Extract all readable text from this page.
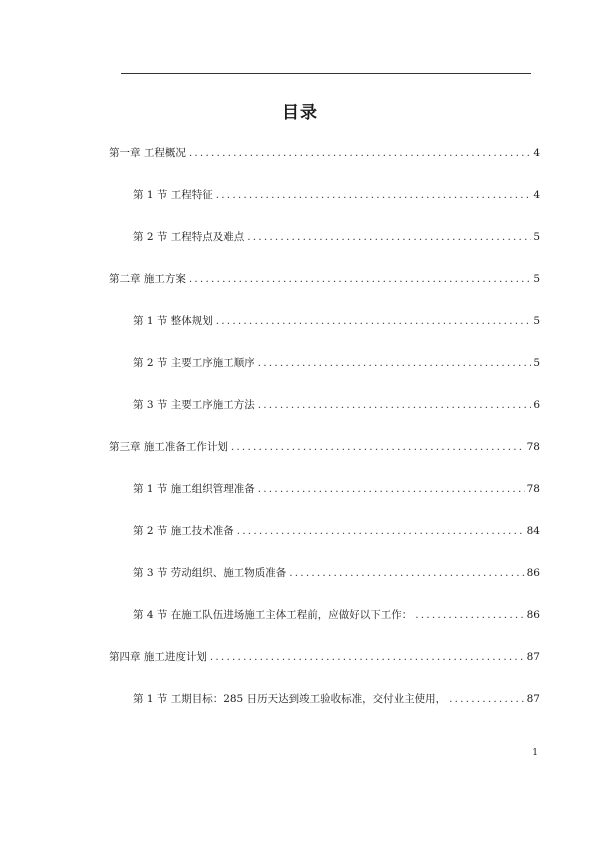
目录
第一章 工程概况 .....	4
第 1 节 工程特征 .....	4
第 2 节 工程特点及难点 .....	5
第二章 施工方案 .....	5
第 1 节 整体规划 .....	5
第 2 节 主要工序施工顺序 .....	5
第 3 节 主要工序施工方法 .....	6
第三章 施工准备工作计划 .....	78
第 1 节 施工组织管理准备 .....	78
第 2 节 施工技术准备 .....	84
第 3 节 劳动组织、施工物质准备 .....	86
第 4 节 在施工队伍进场施工主体工程前，应做好以下工作： .....	86
第四章 施工进度计划 .....	87
第 1 节 工期目标：285 日历天达到竣工验收标准，交付业主使用， .....	87
1
